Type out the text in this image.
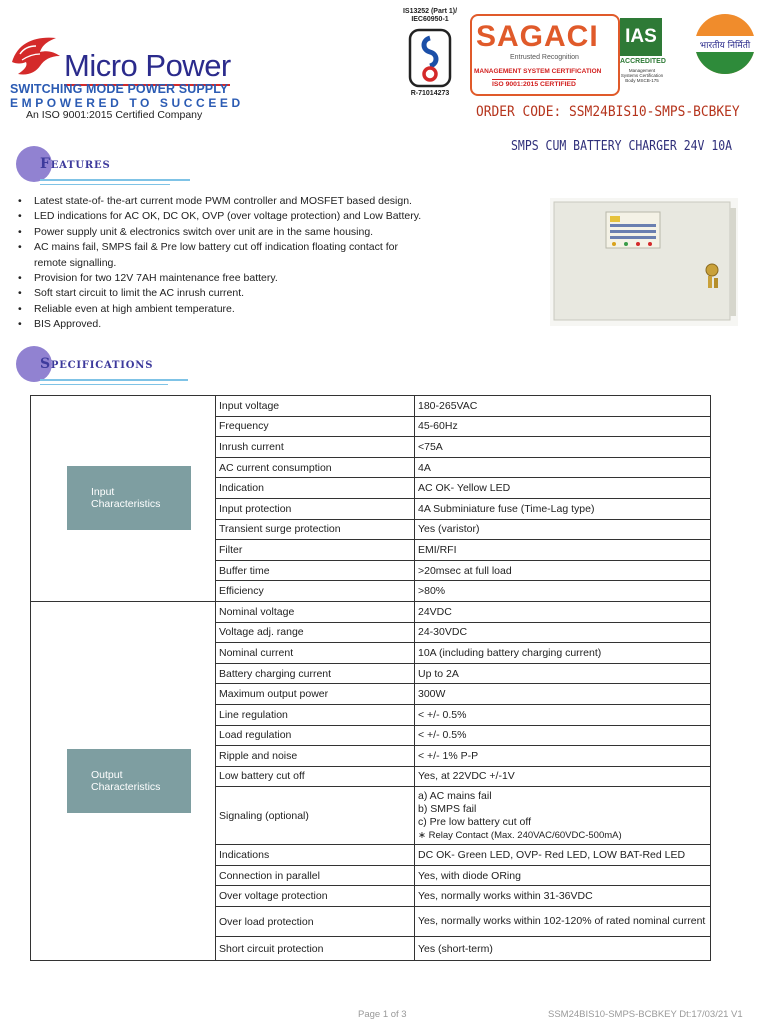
Micro Power
SWITCHING MODE POWER SUPPLY
EMPOWERED TO SUCCEED
An ISO 9001:2015 Certified Company
IS13252 (Part 1)/
IEC60950-1
R-71014273
SAGACI
Entrusted Recognition
MANAGEMENT SYSTEM CERTIFICATION
ISO 9001:2015 CERTIFIED
IAS
ACCREDITED
Management Systems Certification Body MSCB-175
भारतीय निर्मिती
ORDER CODE: SSM24BIS10-SMPS-BCBKEY
SMPS CUM BATTERY CHARGER 24V 10A
Features
• Latest state-of- the-art current mode PWM controller and MOSFET based design.
• LED indications for AC OK, DC OK, OVP (over voltage protection) and Low Battery.
• Power supply unit & electronics switch over unit are in the same housing.
• AC mains fail, SMPS fail & Pre low battery cut off indication floating contact for remote signalling.
• Provision for two 12V 7AH maintenance free battery.
• Soft start circuit to limit the AC inrush current.
• Reliable even at high ambient temperature.
• BIS Approved.
Specifications
Input
Characteristics	Input voltage	180-265VAC
	Frequency	45-60Hz
	Inrush current	<75A
	AC current consumption	4A
	Indication	AC OK- Yellow LED
	Input protection	4A Subminiature fuse (Time-Lag type)
	Transient surge protection	Yes (varistor)
	Filter	EMI/RFI
	Buffer time	>20msec at full load
	Efficiency	>80%

Output
Characteristics	Nominal voltage	24VDC
	Voltage adj. range	24-30VDC
	Nominal current	10A (including battery charging current)
	Battery charging current	Up to 2A
	Maximum output power	300W
	Line regulation	< +/- 0.5%
	Load regulation	< +/- 0.5%
	Ripple and noise	< +/- 1% P-P
	Low battery cut off	Yes, at 22VDC +/-1V
	Signaling (optional)	a) AC mains fail
b) SMPS fail
c) Pre low battery cut off
∗ Relay Contact (Max. 240VAC/60VDC-500mA)

	Indications	DC OK- Green LED, OVP- Red LED, LOW BAT-Red LED
	Connection in parallel	Yes, with diode ORing
	Over voltage protection	Yes, normally works within 31-36VDC
	Over load protection	Yes, normally works within 102-120% of rated nominal current
	Short circuit protection	Yes (short-term)
Page 1 of 3	SSM24BIS10-SMPS-BCBKEY Dt:17/03/21 V1
